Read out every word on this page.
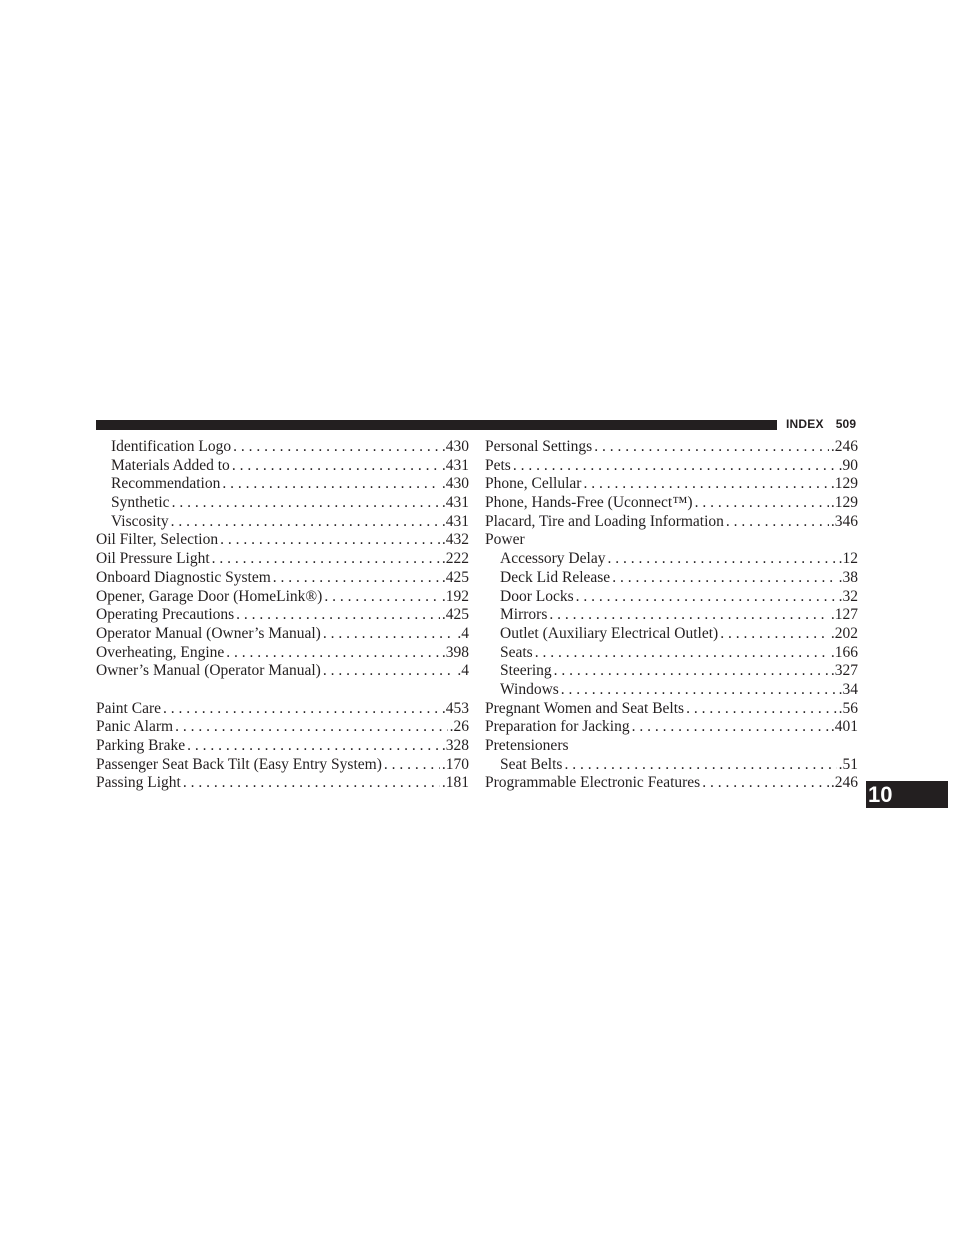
INDEX 509
Identification Logo . . .	.430
Materials Added to . . .	.431
Recommendation . . .	.430
Synthetic . . .	.431
Viscosity . . .	.431
Oil Filter, Selection . . .	.432
Oil Pressure Light . . .	.222
Onboard Diagnostic System . . .	.425
Opener, Garage Door (HomeLink®) . . .	.192
Operating Precautions . . .	.425
Operator Manual (Owner’s Manual) . . .	.4
Overheating, Engine . . .	.398
Owner’s Manual (Operator Manual) . . .	.4
Paint Care . . .	.453
Panic Alarm . . .	.26
Parking Brake . . .	.328
Passenger Seat Back Tilt (Easy Entry System) . . .	.170
Passing Light . . .	.181
Personal Settings . . .	.246
Pets . . .	.90
Phone, Cellular . . .	.129
Phone, Hands-Free (Uconnect™) . . .	.129
Placard, Tire and Loading Information . . .	.346
Power
Accessory Delay . . .	.12
Deck Lid Release . . .	.38
Door Locks . . .	.32
Mirrors . . .	.127
Outlet (Auxiliary Electrical Outlet) . . .	.202
Seats . . .	.166
Steering . . .	.327
Windows . . .	.34
Pregnant Women and Seat Belts . . .	.56
Preparation for Jacking . . .	.401
Pretensioners
Seat Belts . . .	.51
Programmable Electronic Features . . .	.246 10
